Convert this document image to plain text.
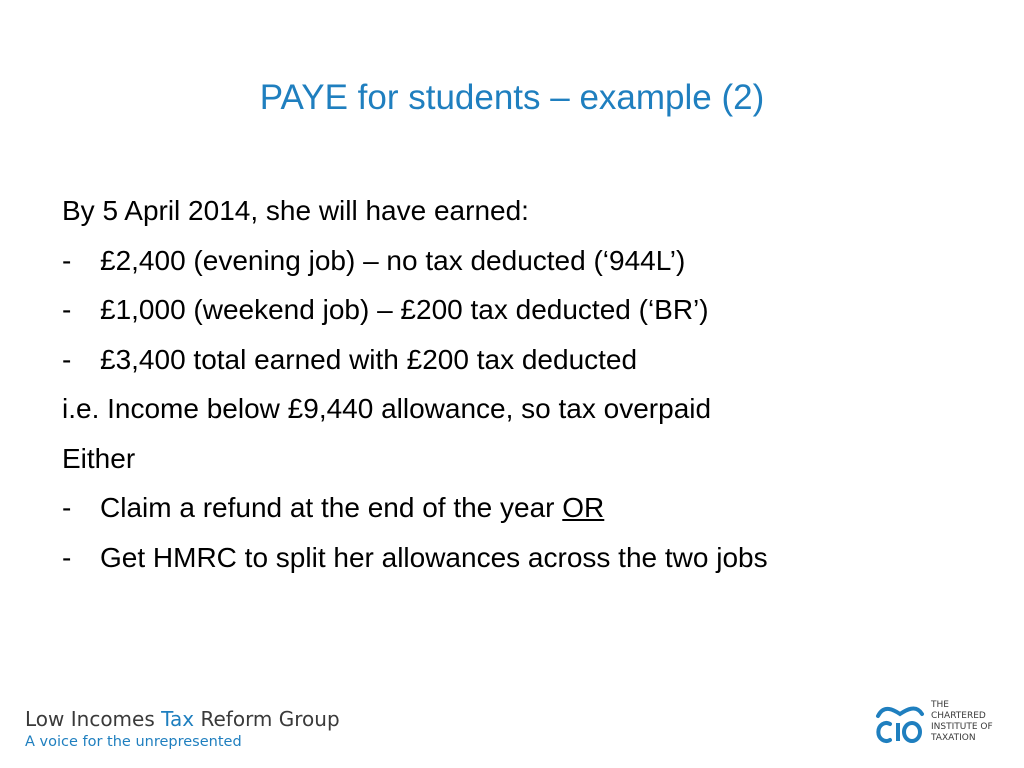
PAYE for students – example (2)
By 5 April 2014, she will have earned:
- £2,400 (evening job) – no tax deducted (‘944L’)
- £1,000 (weekend job) – £200 tax deducted (‘BR’)
- £3,400 total earned with £200 tax deducted
i.e. Income below £9,440 allowance, so tax overpaid
Either
- Claim a refund at the end of the year OR
- Get HMRC to split her allowances across the two jobs
Low Incomes Tax Reform Group
A voice for the unrepresented
THE
CHARTERED
INSTITUTE OF
TAXATION
